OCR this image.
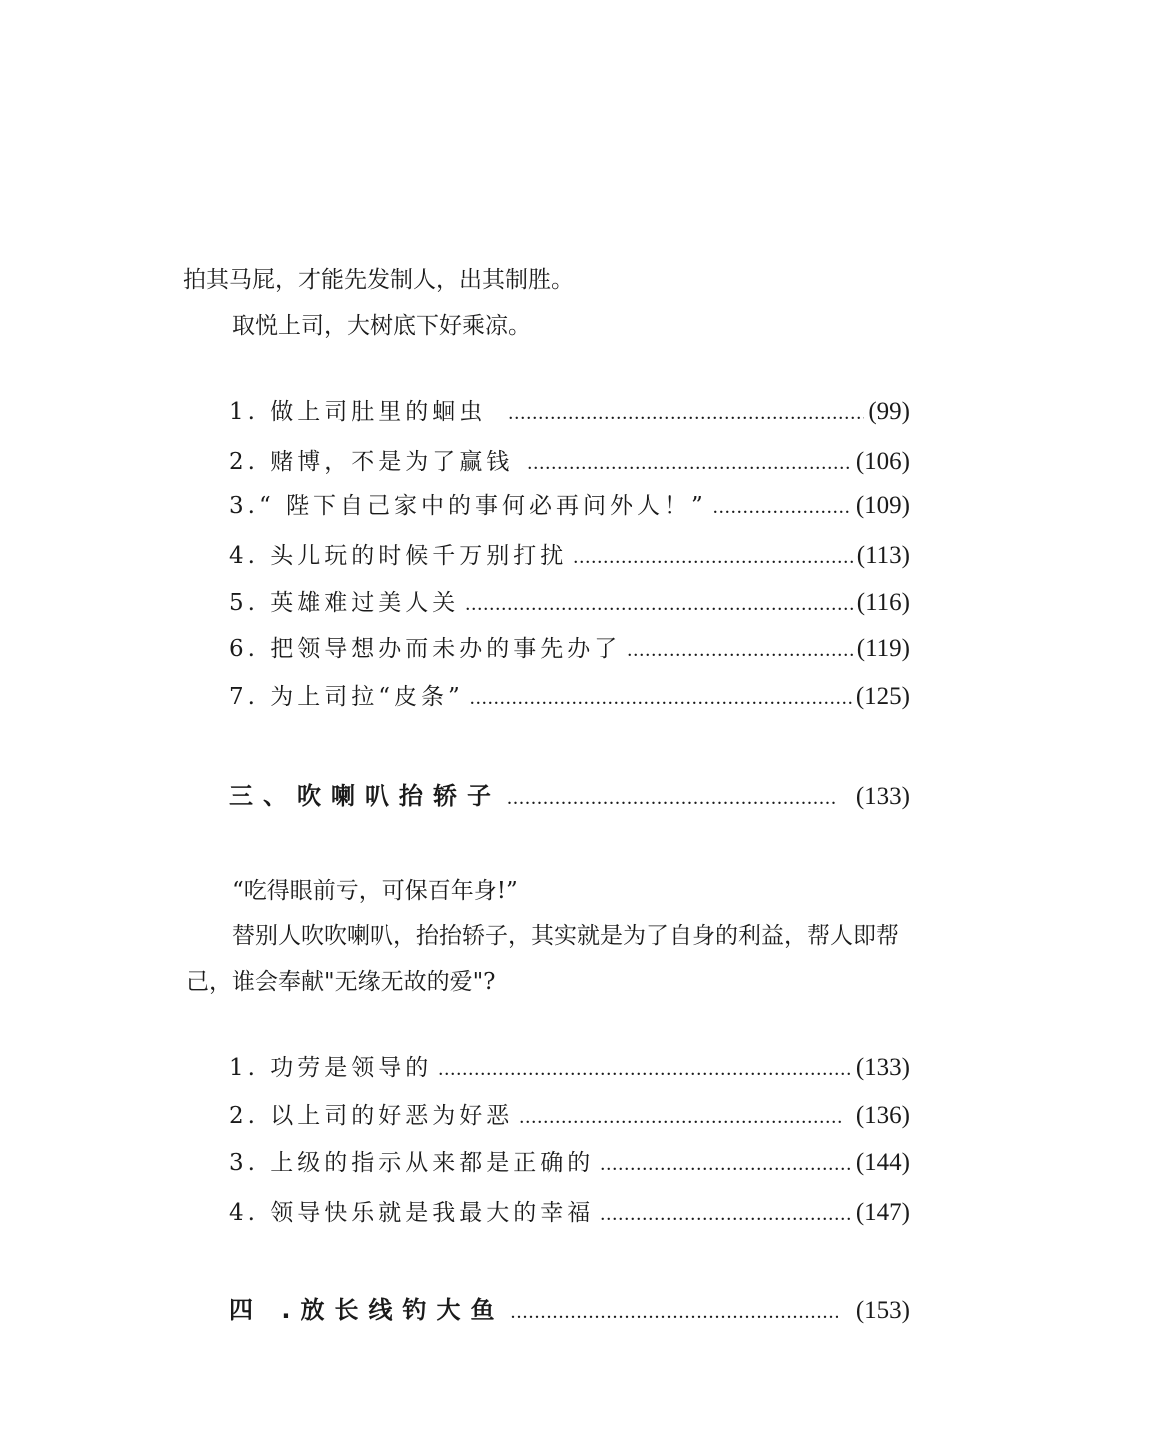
拍其马屁，才能先发制人，出其制胜。
取悦上司，大树底下好乘凉。
1. 做上司肚里的蛔虫 .....	(99)
2. 赌博，不是为了赢钱 .....	(106)
3.“ 陛下自己家中的事何必再问外人！” .....	(109)
4. 头儿玩的时候千万别打扰 .....	(113)
5. 英雄难过美人关 .....	(116)
6. 把领导想办而未办的事先办了 .....	(119)
7. 为上司拉“皮条” .....	(125)
三、吹喇叭抬轿子 .....	(133)
“吃得眼前亏，可保百年身!”
替别人吹吹喇叭，抬抬轿子，其实就是为了自身的利益，帮人即帮
己，谁会奉献"无缘无故的爱"?
1. 功劳是领导的 .....	(133)
2. 以上司的好恶为好恶 .....	(136)
3. 上级的指示从来都是正确的 .....	(144)
4. 领导快乐就是我最大的幸福 .....	(147)
四 .放长线钓大鱼 .....	(153)
